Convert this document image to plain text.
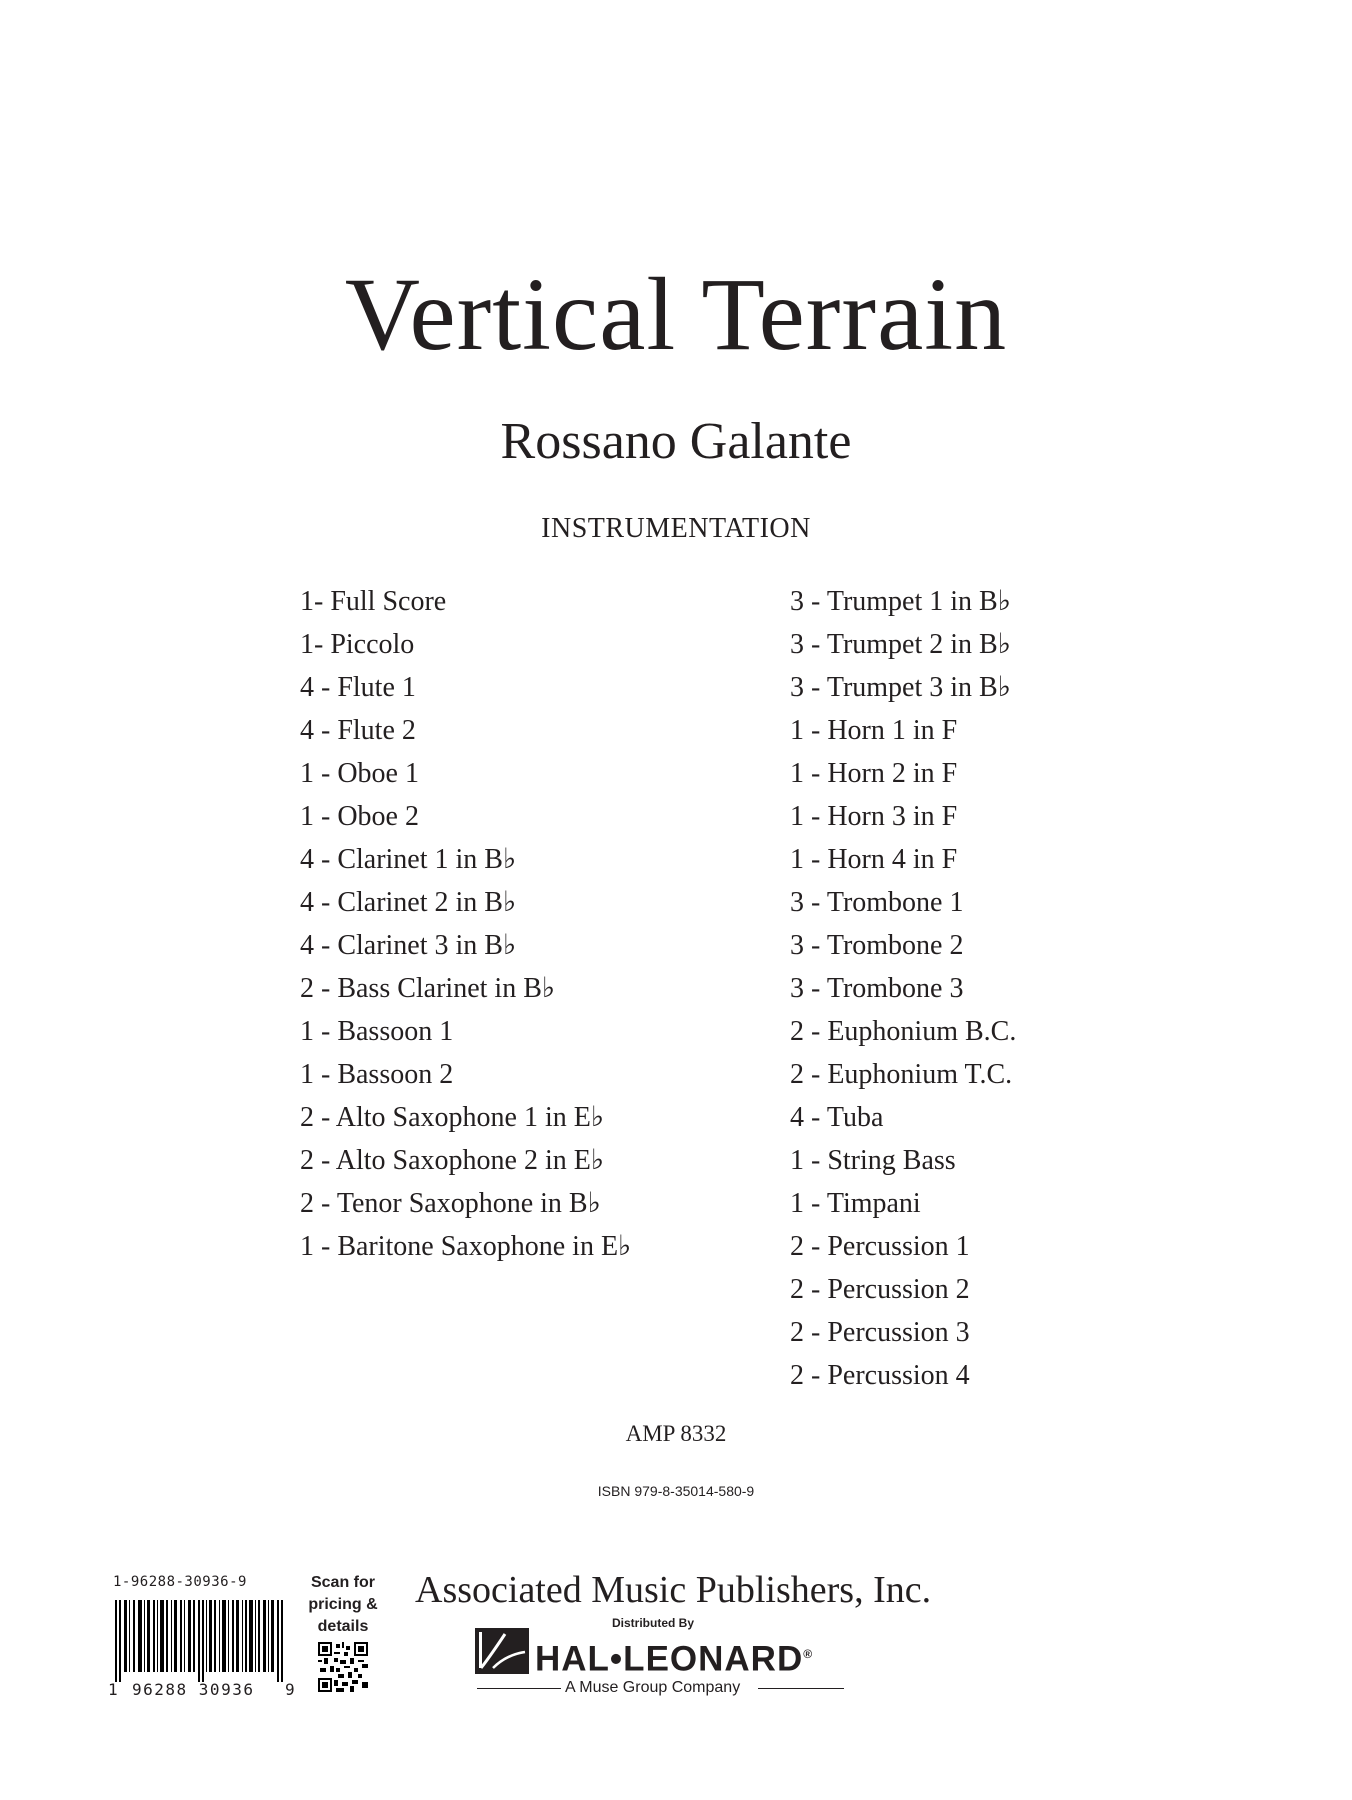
Vertical Terrain
Rossano Galante
INSTRUMENTATION
1- Full Score
1- Piccolo
4 - Flute 1
4 - Flute 2
1 - Oboe 1
1 - Oboe 2
4 - Clarinet 1 in B♭
4 - Clarinet 2 in B♭
4 - Clarinet 3 in B♭
2 - Bass Clarinet in B♭
1 - Bassoon 1
1 - Bassoon 2
2 - Alto Saxophone 1 in E♭
2 - Alto Saxophone 2 in E♭
2 - Tenor Saxophone in B♭
1 - Baritone Saxophone in E♭
3 - Trumpet 1 in B♭
3 - Trumpet 2 in B♭
3 - Trumpet 3 in B♭
1 - Horn 1 in F
1 - Horn 2 in F
1 - Horn 3 in F
1 - Horn 4 in F
3 - Trombone 1
3 - Trombone 2
3 - Trombone 3
2 - Euphonium B.C.
2 - Euphonium T.C.
4 - Tuba
1 - String Bass
1 - Timpani
2 - Percussion 1
2 - Percussion 2
2 - Percussion 3
2 - Percussion 4
AMP 8332
ISBN 979-8-35014-580-9
1-96288-30936-9
1 96288 30936 9
Scan for
pricing &
details
Associated Music Publishers, Inc.
Distributed By
HAL•LEONARD®
A Muse Group Company
